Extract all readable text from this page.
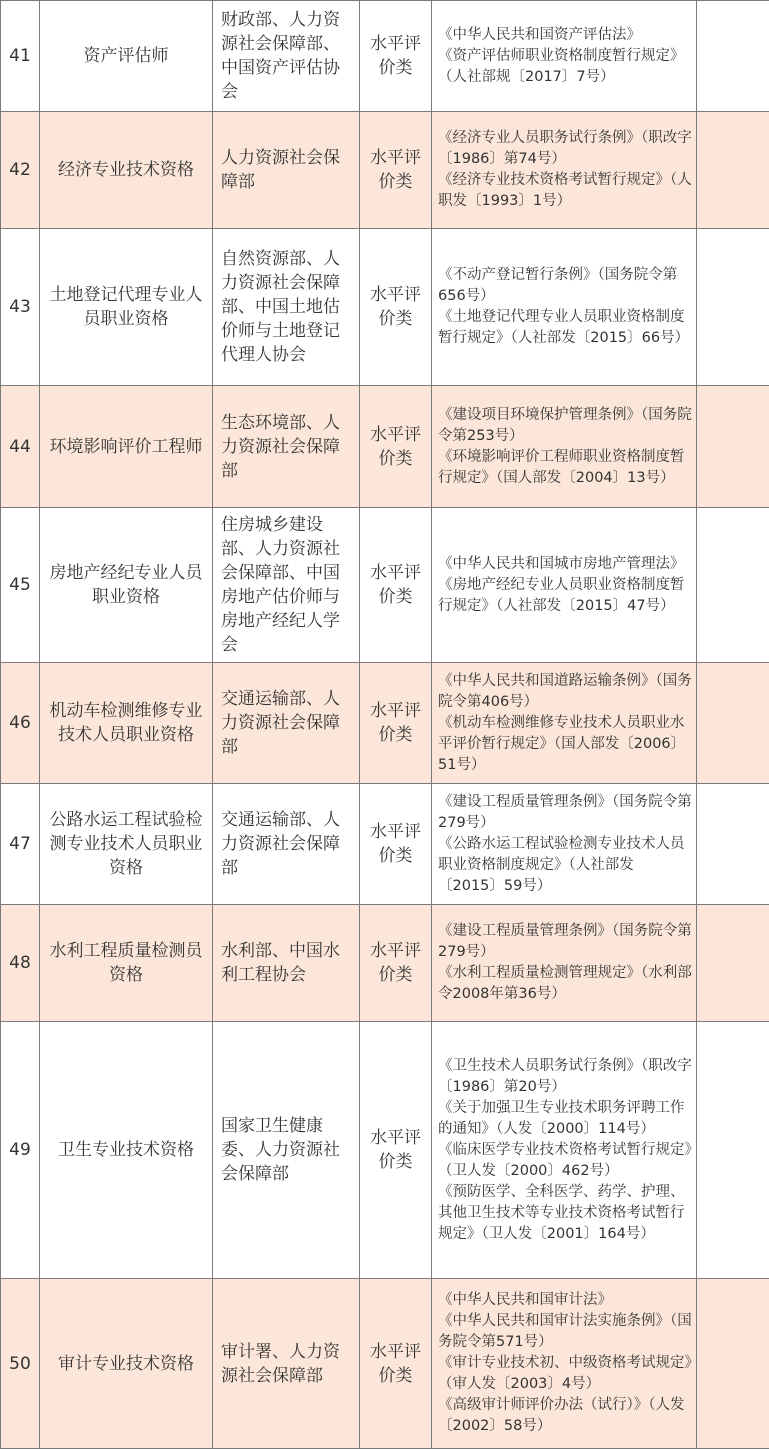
41	资产评估师	财政部、人力资源社会保障部、中国资产评估协会	水平评价类	《中华人民共和国资产评估法》
《资产评估师职业资格制度暂行规定》（人社部规〔2017〕7号）	

42	经济专业技术资格	人力资源社会保障部	水平评价类	《经济专业人员职务试行条例》（职改字〔1986〕第74号）
《经济专业技术资格考试暂行规定》（人职发〔1993〕1号）	

43	土地登记代理专业人员职业资格	自然资源部、人力资源社会保障部、中国土地估价师与土地登记代理人协会	水平评价类	《不动产登记暂行条例》（国务院令第656号）
《土地登记代理专业人员职业资格制度暂行规定》（人社部发〔2015〕66号）	

44	环境影响评价工程师	生态环境部、人力资源社会保障部	水平评价类	《建设项目环境保护管理条例》（国务院令第253号）
《环境影响评价工程师职业资格制度暂行规定》（国人部发〔2004〕13号）	

45	房地产经纪专业人员职业资格	住房城乡建设部、人力资源社会保障部、中国房地产估价师与房地产经纪人学会	水平评价类	《中华人民共和国城市房地产管理法》
《房地产经纪专业人员职业资格制度暂行规定》（人社部发〔2015〕47号）	

46	机动车检测维修专业技术人员职业资格	交通运输部、人力资源社会保障部	水平评价类	《中华人民共和国道路运输条例》（国务院令第406号）
《机动车检测维修专业技术人员职业水平评价暂行规定》（国人部发〔2006〕51号）	

47	公路水运工程试验检测专业技术人员职业资格	交通运输部、人力资源社会保障部	水平评价类	《建设工程质量管理条例》（国务院令第279号）
《公路水运工程试验检测专业技术人员职业资格制度规定》（人社部发〔2015〕59号）	

48	水利工程质量检测员资格	水利部、中国水利工程协会	水平评价类	《建设工程质量管理条例》（国务院令第279号）
《水利工程质量检测管理规定》（水利部令2008年第36号）	

49	卫生专业技术资格	国家卫生健康委、人力资源社会保障部	水平评价类	《卫生技术人员职务试行条例》（职改字〔1986〕第20号）
《关于加强卫生专业技术职务评聘工作的通知》（人发〔2000〕114号）
《临床医学专业技术资格考试暂行规定》（卫人发〔2000〕462号）
《预防医学、全科医学、药学、护理、其他卫生技术等专业技术资格考试暂行规定》（卫人发〔2001〕164号）	

50	审计专业技术资格	审计署、人力资源社会保障部	水平评价类	《中华人民共和国审计法》
《中华人民共和国审计法实施条例》（国务院令第571号）
《审计专业技术初、中级资格考试规定》（审人发〔2003〕4号）
《高级审计师评价办法（试行）》（人发〔2002〕58号）	
